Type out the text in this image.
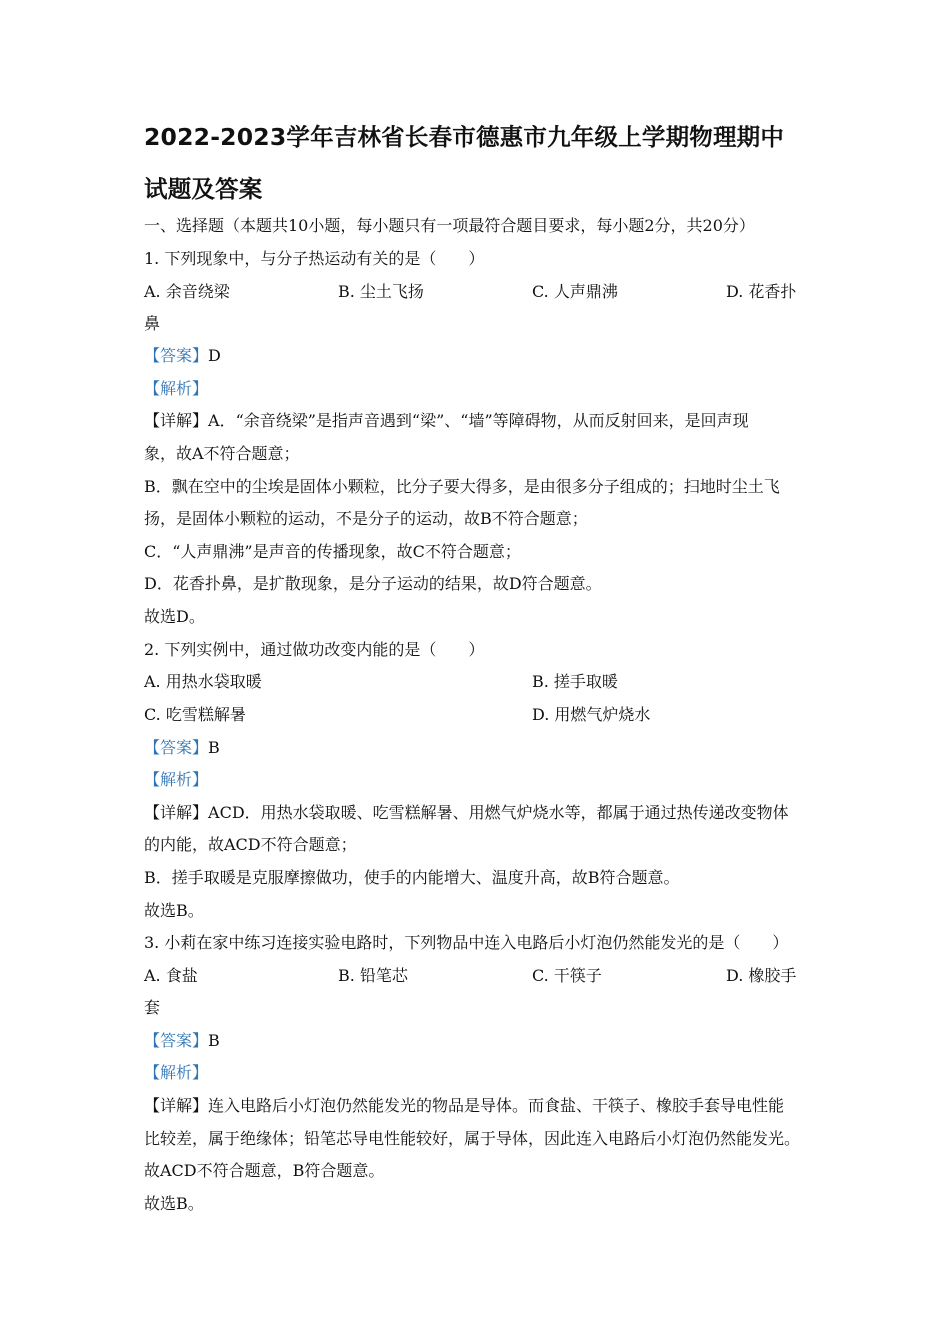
2022-2023学年吉林省长春市德惠市九年级上学期物理期中
试题及答案
一、选择题（本题共10小题，每小题只有一项最符合题目要求，每小题2分，共20分）
1. 下列现象中，与分子热运动有关的是（　　）
A. 余音绕梁	B. 尘土飞扬	C. 人声鼎沸	D. 花香扑
鼻
【答案】D
【解析】
【详解】A．“余音绕梁”是指声音遇到“梁”、“墙”等障碍物，从而反射回来，是回声现
象，故A不符合题意；
B．飘在空中的尘埃是固体小颗粒，比分子要大得多，是由很多分子组成的；扫地时尘土飞
扬，是固体小颗粒的运动，不是分子的运动，故B不符合题意；
C．“人声鼎沸”是声音的传播现象，故C不符合题意；
D．花香扑鼻，是扩散现象，是分子运动的结果，故D符合题意。
故选D。
2. 下列实例中，通过做功改变内能的是（　　）
A. 用热水袋取暖	B. 搓手取暖
C. 吃雪糕解暑	D. 用燃气炉烧水
【答案】B
【解析】
【详解】ACD．用热水袋取暖、吃雪糕解暑、用燃气炉烧水等，都属于通过热传递改变物体
的内能，故ACD不符合题意；
B．搓手取暖是克服摩擦做功，使手的内能增大、温度升高，故B符合题意。
故选B。
3. 小莉在家中练习连接实验电路时，下列物品中连入电路后小灯泡仍然能发光的是（　　）
A. 食盐	B. 铅笔芯	C. 干筷子	D. 橡胶手
套
【答案】B
【解析】
【详解】连入电路后小灯泡仍然能发光的物品是导体。而食盐、干筷子、橡胶手套导电性能
比较差，属于绝缘体；铅笔芯导电性能较好，属于导体，因此连入电路后小灯泡仍然能发光。
故ACD不符合题意，B符合题意。
故选B。
